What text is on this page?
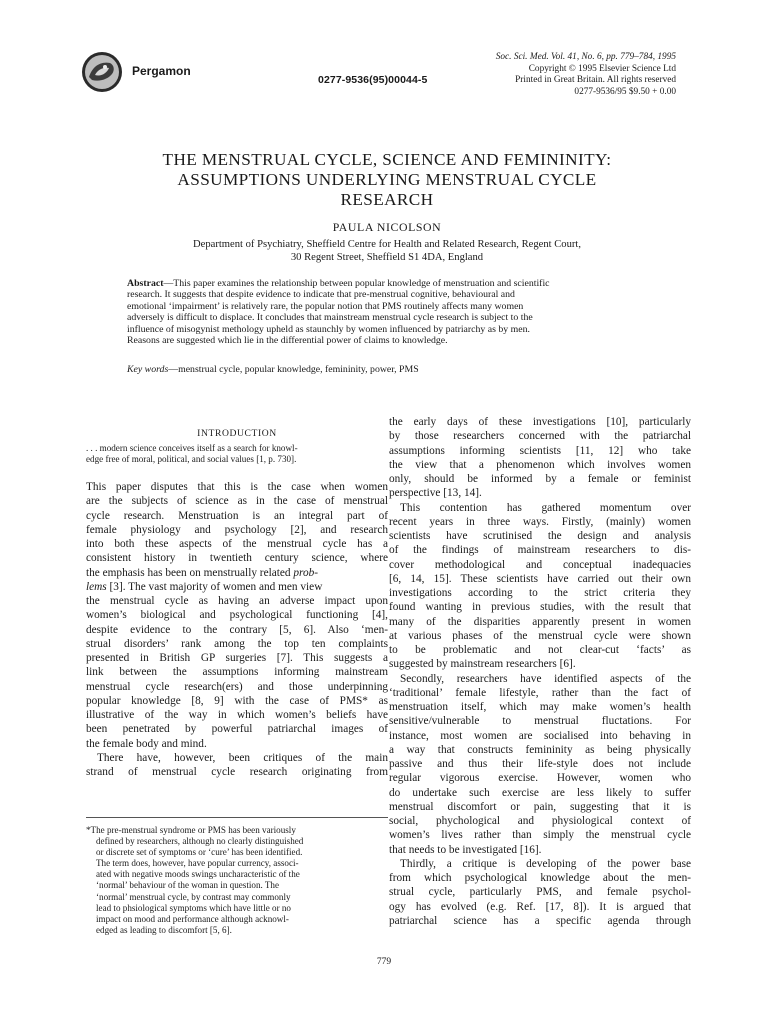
Pergamon
0277-9536(95)00044-5
Soc. Sci. Med. Vol. 41, No. 6, pp. 779–784, 1995
Copyright © 1995 Elsevier Science Ltd
Printed in Great Britain. All rights reserved
0277-9536/95 $9.50 + 0.00
THE MENSTRUAL CYCLE, SCIENCE AND FEMININITY:
ASSUMPTIONS UNDERLYING MENSTRUAL CYCLE
RESEARCH
PAULA NICOLSON
Department of Psychiatry, Sheffield Centre for Health and Related Research, Regent Court,
30 Regent Street, Sheffield S1 4DA, England
Abstract—This paper examines the relationship between popular knowledge of menstruation and scientific
research. It suggests that despite evidence to indicate that pre-menstrual cognitive, behavioural and
emotional ‘impairment’ is relatively rare, the popular notion that PMS routinely affects many women
adversely is difficult to displace. It concludes that mainstream menstrual cycle research is subject to the
influence of misogynist methology upheld as staunchly by women influenced by patriarchy as by men.
Reasons are suggested which lie in the differential power of claims to knowledge.
Key words—menstrual cycle, popular knowledge, femininity, power, PMS
INTRODUCTION
. . . modern science conceives itself as a search for knowl-
edge free of moral, political, and social values [1, p. 730].
This paper disputes that this is the case when women
are the subjects of science as in the case of menstrual
cycle research. Menstruation is an integral part of
female physiology and psychology [2], and research
into both these aspects of the menstrual cycle has a
consistent history in twentieth century science, where
the emphasis has been on menstrually related prob-
lems [3]. The vast majority of women and men view
the menstrual cycle as having an adverse impact upon
women’s biological and psychological functioning [4],
despite evidence to the contrary [5, 6]. Also ‘men-
strual disorders’ rank among the top ten complaints
presented in British GP surgeries [7]. This suggests a
link between the assumptions informing mainstream
menstrual cycle research(ers) and those underpinning
popular knowledge [8, 9] with the case of PMS* as
illustrative of the way in which women’s beliefs have
been penetrated by powerful patriarchal images of
the female body and mind.
There have, however, been critiques of the main
strand of menstrual cycle research originating from
*The pre-menstrual syndrome or PMS has been variously
defined by researchers, although no clearly distinguished
or discrete set of symptoms or ‘cure’ has been identified.
The term does, however, have popular currency, associ-
ated with negative moods swings uncharacteristic of the
‘normal’ behaviour of the woman in question. The
‘normal’ menstrual cycle, by contrast may commonly
lead to phsiological symptoms which have little or no
impact on mood and performance although acknowl-
edged as leading to discomfort [5, 6].
the early days of these investigations [10], particularly
by those researchers concerned with the patriarchal
assumptions informing scientists [11, 12] who take
the view that a phenomenon which involves women
only, should be informed by a female or feminist
perspective [13, 14].
This contention has gathered momentum over
recent years in three ways. Firstly, (mainly) women
scientists have scrutinised the design and analysis
of the findings of mainstream researchers to dis-
cover methodological and conceptual inadequacies
[6, 14, 15]. These scientists have carried out their own
investigations according to the strict criteria they
found wanting in previous studies, with the result that
many of the disparities apparently present in women
at various phases of the menstrual cycle were shown
to be problematic and not clear-cut ‘facts’ as
suggested by mainstream researchers [6].
Secondly, researchers have identified aspects of the
‘traditional’ female lifestyle, rather than the fact of
menstruation itself, which may make women’s health
sensitive/vulnerable to menstrual fluctations. For
instance, most women are socialised into behaving in
a way that constructs femininity as being physically
passive and thus their life-style does not include
regular vigorous exercise. However, women who
do undertake such exercise are less likely to suffer
menstrual discomfort or pain, suggesting that it is
social, phychological and physiological context of
women’s lives rather than simply the menstrual cycle
that needs to be investigated [16].
Thirdly, a critique is developing of the power base
from which psychological knowledge about the men-
strual cycle, particularly PMS, and female psychol-
ogy has evolved (e.g. Ref. [17, 8]). It is argued that
patriarchal science has a specific agenda through
779
